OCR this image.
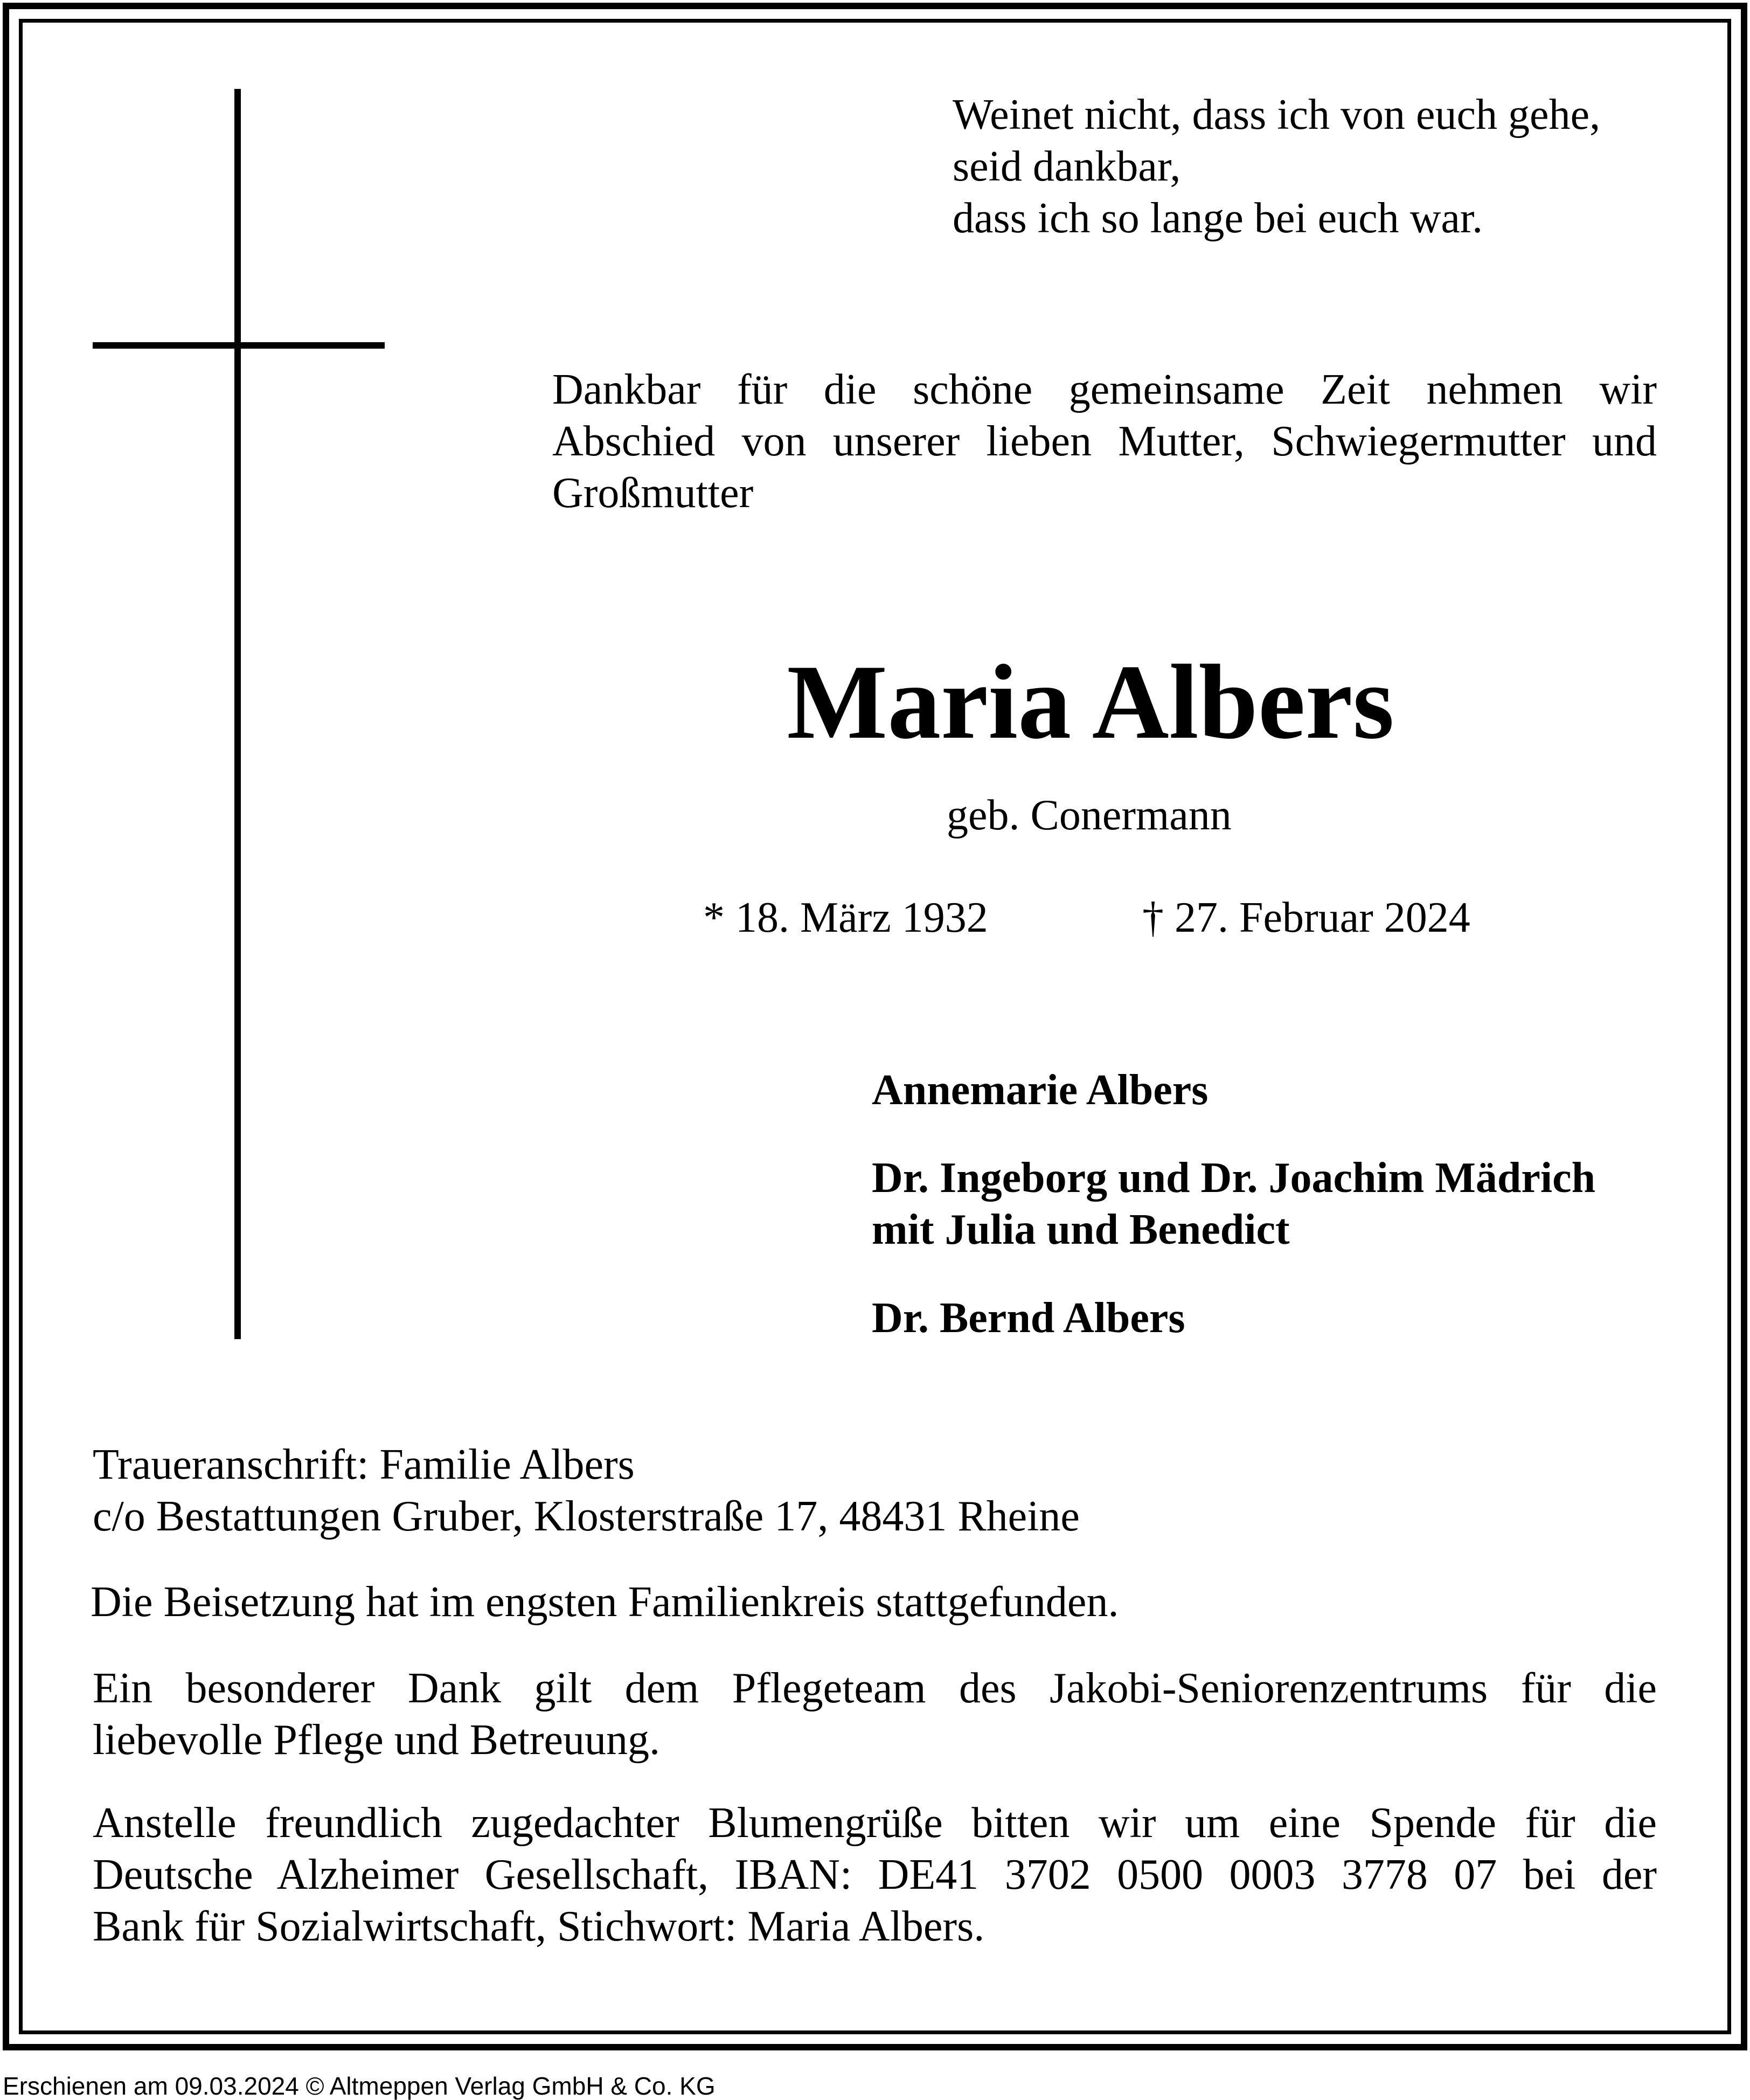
Weinet nicht, dass ich von euch gehe,
seid dankbar,
dass ich so lange bei euch war.

Dankbar für die schöne gemeinsame Zeit nehmen wir
Abschied von unserer lieben Mutter, Schwiegermutter und
Großmutter

Maria Albers

geb. Conermann

* 18. März 1932	† 27. Februar 2024

Annemarie Albers

Dr. Ingeborg und Dr. Joachim Mädrich
mit Julia und Benedict

Dr. Bernd Albers

Traueranschrift: Familie Albers
c/o Bestattungen Gruber, Klosterstraße 17, 48431 Rheine

Die Beisetzung hat im engsten Familienkreis stattgefunden.

Ein besonderer Dank gilt dem Pflegeteam des Jakobi-Seniorenzentrums für die
liebevolle Pflege und Betreuung.

Anstelle freundlich zugedachter Blumengrüße bitten wir um eine Spende für die
Deutsche Alzheimer Gesellschaft, IBAN: DE41 3702 0500 0003 3778 07 bei der
Bank für Sozialwirtschaft, Stichwort: Maria Albers.

Erschienen am 09.03.2024 © Altmeppen Verlag GmbH & Co. KG
